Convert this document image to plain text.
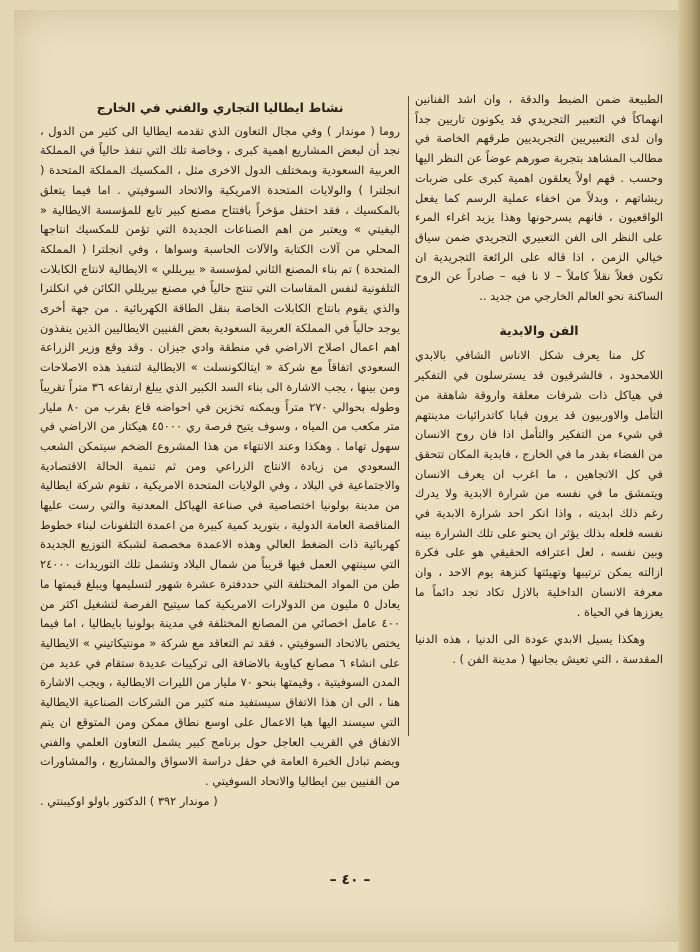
الطبيعة ضمن الضبط والدقة ، وان اشد الفنانين انهماكاً في التعبير التجريدي قد يكونون تاريين جداً وان لدى التعبيريين التجريديين طرقهم الخاصة في مطالب المشاهد بتجربة صورهم عوضاً عن النظر اليها وحسب . فهم اولاً يعلقون اهمية كبرى على ضربات ريشاتهم ، وبدلاً من اخفاء عملية الرسم كما يفعل الواقعيون ، فانهم يسرحونها وهذا يزيد اغراء المرء على النظر الى الفن التعبيري التجريدي ضمن سياق خيالي الزمن ، اذا قاله على الرائعة التجريدية ان تكون فعلاً نقلاً كاملاً – لا نا فيه – صادراً عن الروح الساكنة نحو العالم الخارجي من جديد ..

الفن والابدية

كل منا يعرف شكل الاناس الشافي بالابدي اللامحدود ، فالشرقيون قد يسترسلون في التفكير في هياكل ذات شرفات معلقة واروقة شاهقة من التأمل والاوربيون قد يرون قبابا كاتدرائيات مدينتهم في شيء من التفكير والتأمل اذا فان روح الانسان من الفضاء بقدر ما في الخارج ، فابدية المكان تتحقق في كل الاتجاهين ، ما اغرب ان يعرف الانسان ويتمشق ما في نفسه من شرارة الابدية ولا يدرك رغم ذلك ابديته ، واذا انكر احد شرارة الابدية في نفسه فلعله بذلك يؤثر ان يحنو على تلك الشرارة بينه وبين نفسه ، لعل اعترافه الحقيقي هو على فكرة ازالته يمكن ترتيبها وتهيئتها كنزهة يوم الاحد ، وان معرفة الانسان الداخلية بالازل تكاد تجد دائماً ما يعززها في الحياة .

وهكذا يسيل الابدي عودة الى الدنيا ، هذه الدنيا المقدسة ، التي تعيش بجانبها ( مدينة الفن ) .

نشاط ايطاليا التجاري والفني في الخارج

روما ( موندار ) وفي مجال التعاون الذي تقدمه ايطاليا الى كثير من الدول ، نجد أن لبعض المشاريع اهمية كبرى ، وخاصة تلك التي تنفذ حالياً في المملكة العربية السعودية وبمختلف الدول الاخرى مثل ، المكسيك المملكة المتحدة ( انجلترا ) والولايات المتحدة الامريكية والاتحاد السوفيتي . اما فيما يتعلق بالمكسيك ، فقد احتفل مؤخراً بافتتاح مصنع كبير تابع للمؤسسة الايطالية « اليفيتي » ويعتبر من اهم الصناعات الجديدة التي تؤمن للمكسيك انتاجها المحلي من آلات الكتابة والآلات الحاسبة وسواها ، وفي انجلترا ( المملكة المتحدة ) تم بناء المصنع الثاني لمؤسسة « بيريللي » الايطالية لانتاج الكابلات التلفونية لنفس المقاسات التي تنتج حالياً في مصنع بيريللي الكائن في انكلترا والذي يقوم بانتاج الكابلات الخاصة بنقل الطاقة الكهربائية . من جهة أخرى يوجد حالياً في المملكة العربية السعودية بعض الفنيين الايطاليين الذين ينفذون اهم اعمال اصلاح الاراضي في منطقة وادي جيزان . وقد وقع وزير الزراعة السعودي اتفاقاً مع شركة « ايتالكونسلت » الايطالية لتنفيذ هذه الاصلاحات ومن بينها ، يجب الاشارة الى بناء السد الكبير الذي يبلغ ارتفاعه ٣٦ متراً تقريباً وطوله بحوالي ٢٧٠ متراً ويمكنه تخزين في احواضه قاع بقرب من ٨٠ مليار متر مكعب من المياه ، وسوف يتيح فرصة ري ٤٥٠٠٠ هيكتار من الاراضي في سهول تهاما . وهكذا وعند الانتهاء من هذا المشروع الضخم سيتمكن الشعب السعودي من زيادة الانتاج الزراعي ومن ثم تنمية الحالة الاقتصادية والاجتماعية في البلاد ، وفي الولايات المتحدة الامريكية ، تقوم شركة ايطالية من مدينة بولونيا اختصاصية في صناعة الهياكل المعدنية والتي رست عليها المناقصة العامة الدولية ، بتوريد كمية كبيرة من اعمدة التلفونات لبناء خطوط كهربائية ذات الضغط العالي وهذه الاعمدة مخصصة لشبكة التوزيع الجديدة التي سينتهي العمل فيها قريباً من شمال البلاد وتشمل تلك التوريدات ٢٤٠٠٠ طن من المواد المختلفة التي حددفترة عشرة شهور لتسليمها ويبلغ قيمتها ما يعادل ٥ مليون من الدولارات الامريكية كما سيتيح الفرصة لتشغيل اكثر من ٤٠٠ عامل اخصائي من المصانع المختلفة في مدينة بولونيا بايطاليا ، اما فيما يختص بالاتحاد السوفيتي ، فقد تم التعاقد مع شركة « مونتيكاتيني » الايطالية على انشاء ٦ مصانع كياوية بالاضافة الى تركيبات عديدة ستقام في عديد من المدن السوفيتية ، وقيمتها بنحو ٧٠ مليار من الليرات الايطالية ، ويجب الاشارة هنا ، الى ان هذا الاتفاق سيستفيد منه كثير من الشركات الصناعية الايطالية التي سيسند اليها هيا الاعمال على اوسع نطاق ممكن ومن المتوقع ان يتم الاتفاق في القريب العاجل حول برنامج كبير يشمل التعاون العلمي والفني ويضم تبادل الخبرة العامة في حقل دراسة الاسواق والمشاريع ، والمشاورات من الفنيين بين ايطاليا والاتحاد السوفيتي .

( موندار ٣٩٢ ) الدكتور باولو اوكيبنتي .

– ٤٠ –
